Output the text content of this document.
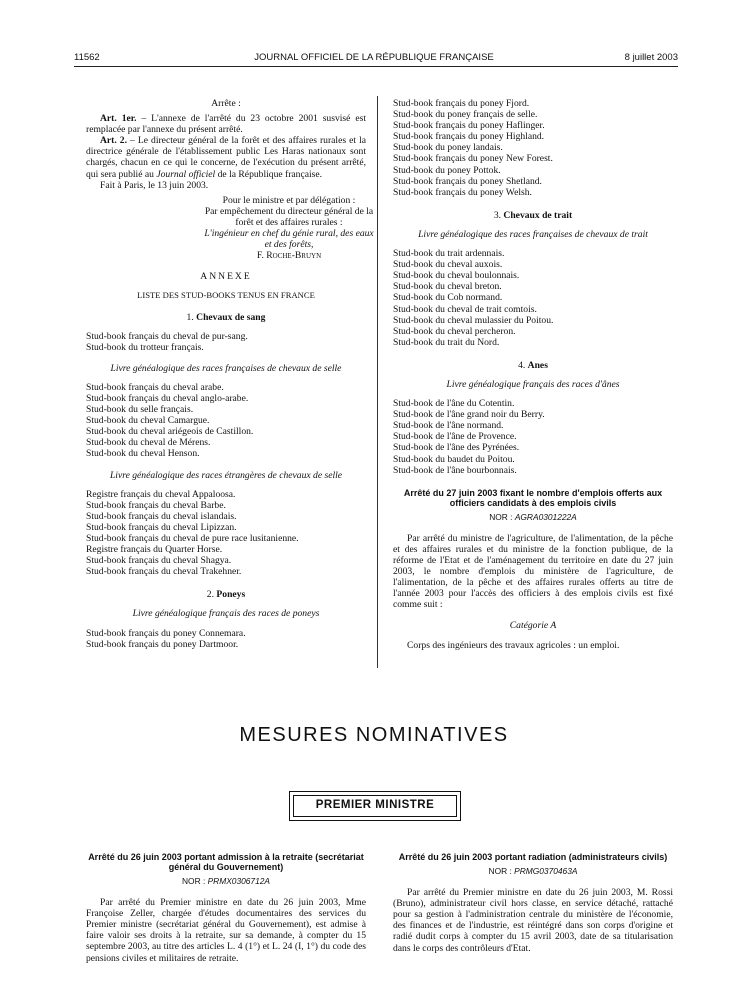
11562	JOURNAL OFFICIEL DE LA RÉPUBLIQUE FRANÇAISE	8 juillet 2003

Arrête :

Art. 1er. – L'annexe de l'arrêté du 23 octobre 2001 susvisé est remplacée par l'annexe du présent arrêté.

Art. 2. – Le directeur général de la forêt et des affaires rurales et la directrice générale de l'établissement public Les Haras nationaux sont chargés, chacun en ce qui le concerne, de l'exécution du présent arrêté, qui sera publié au Journal officiel de la République française.

Fait à Paris, le 13 juin 2003.

Pour le ministre et par délégation :

Par empêchement du directeur général de la forêt et des affaires rurales :

L'ingénieur en chef du génie rural, des eaux et des forêts,

F. Roche-Bruyn

ANNEXE

LISTE DES STUD-BOOKS TENUS EN FRANCE

1. Chevaux de sang

Stud-book français du cheval de pur-sang.

Stud-book du trotteur français.

Livre généalogique des races françaises de chevaux de selle

Stud-book français du cheval arabe.

Stud-book français du cheval anglo-arabe.

Stud-book du selle français.

Stud-book du cheval Camargue.

Stud-book du cheval ariégeois de Castillon.

Stud-book du cheval de Mérens.

Stud-book du cheval Henson.

Livre généalogique des races étrangères de chevaux de selle

Registre français du cheval Appaloosa.

Stud-book français du cheval Barbe.

Stud-book français du cheval islandais.

Stud-book français du cheval Lipizzan.

Stud-book français du cheval de pure race lusitanienne.

Registre français du Quarter Horse.

Stud-book français du cheval Shagya.

Stud-book français du cheval Trakehner.

2. Poneys

Livre généalogique français des races de poneys

Stud-book français du poney Connemara.

Stud-book français du poney Dartmoor.

Stud-book français du poney Fjord.

Stud-book du poney français de selle.

Stud-book français du poney Haflinger.

Stud-book français du poney Highland.

Stud-book du poney landais.

Stud-book français du poney New Forest.

Stud-book du poney Pottok.

Stud-book français du poney Shetland.

Stud-book français du poney Welsh.

3. Chevaux de trait

Livre généalogique des races françaises de chevaux de trait

Stud-book du trait ardennais.

Stud-book du cheval auxois.

Stud-book du cheval boulonnais.

Stud-book du cheval breton.

Stud-book du Cob normand.

Stud-book du cheval de trait comtois.

Stud-book du cheval mulassier du Poitou.

Stud-book du cheval percheron.

Stud-book du trait du Nord.

4. Anes

Livre généalogique français des races d'ânes

Stud-book de l'âne du Cotentin.

Stud-book de l'âne grand noir du Berry.

Stud-book de l'âne normand.

Stud-book de l'âne de Provence.

Stud-book de l'âne des Pyrénées.

Stud-book du baudet du Poitou.

Stud-book de l'âne bourbonnais.

Arrêté du 27 juin 2003 fixant le nombre d'emplois offerts aux officiers candidats à des emplois civils

NOR : AGRA0301222A

Par arrêté du ministre de l'agriculture, de l'alimentation, de la pêche et des affaires rurales et du ministre de la fonction publique, de la réforme de l'Etat et de l'aménagement du territoire en date du 27 juin 2003, le nombre d'emplois du ministère de l'agriculture, de l'alimentation, de la pêche et des affaires rurales offerts au titre de l'année 2003 pour l'accès des officiers à des emplois civils est fixé comme suit :

Catégorie A

Corps des ingénieurs des travaux agricoles : un emploi.

MESURES NOMINATIVES
PREMIER MINISTRE

Arrêté du 26 juin 2003 portant admission à la retraite (secrétariat général du Gouvernement)

NOR : PRMX0306712A

Par arrêté du Premier ministre en date du 26 juin 2003, Mme Françoise Zeller, chargée d'études documentaires des services du Premier ministre (secrétariat général du Gouvernement), est admise à faire valoir ses droits à la retraite, sur sa demande, à compter du 15 septembre 2003, au titre des articles L. 4 (1°) et L. 24 (I, 1°) du code des pensions civiles et militaires de retraite.

Arrêté du 26 juin 2003 portant radiation (administrateurs civils)

NOR : PRMG0370463A

Par arrêté du Premier ministre en date du 26 juin 2003, M. Rossi (Bruno), administrateur civil hors classe, en service détaché, rattaché pour sa gestion à l'administration centrale du ministère de l'économie, des finances et de l'industrie, est réintégré dans son corps d'origine et radié dudit corps à compter du 15 avril 2003, date de sa titularisation dans le corps des contrôleurs d'Etat.
